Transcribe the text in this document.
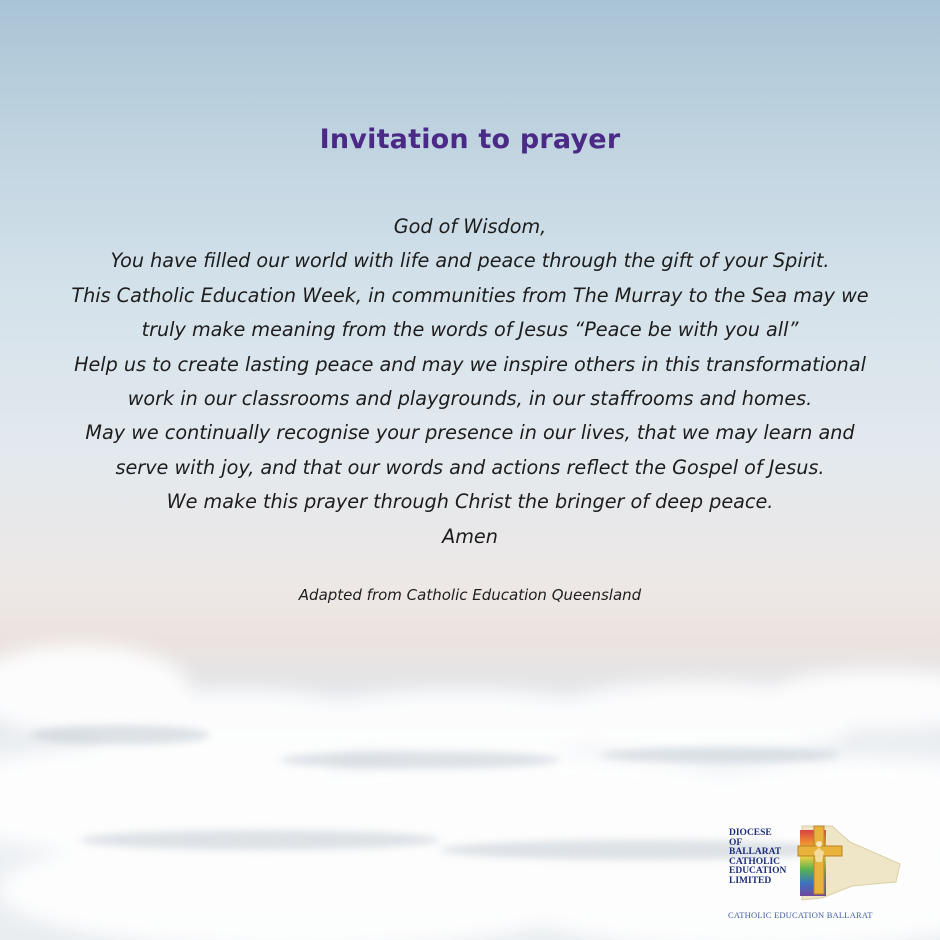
Invitation to prayer
God of Wisdom,
You have filled our world with life and peace through the gift of your Spirit.
This Catholic Education Week, in communities from The Murray to the Sea may we
truly make meaning from the words of Jesus “Peace be with you all”
Help us to create lasting peace and may we inspire others in this transformational
work in our classrooms and playgrounds, in our staffrooms and homes.
May we continually recognise your presence in our lives, that we may learn and
serve with joy, and that our words and actions reflect the Gospel of Jesus.
We make this prayer through Christ the bringer of deep peace.
Amen
Adapted from Catholic Education Queensland
DIOCESE
OF
BALLARAT
CATHOLIC
EDUCATION
LIMITED
CATHOLIC EDUCATION BALLARAT
